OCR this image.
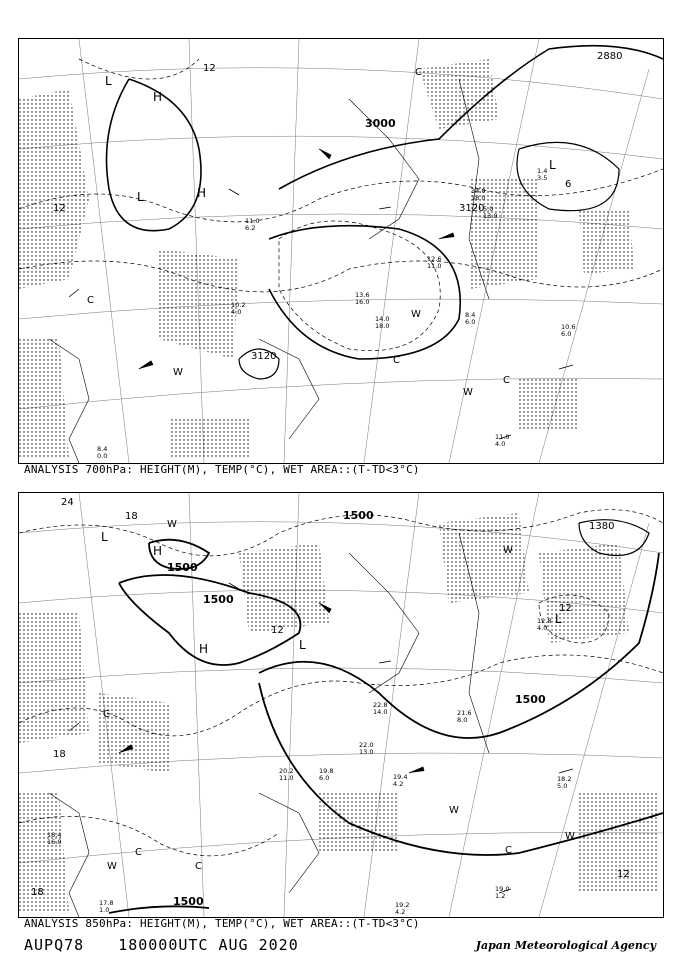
13.6
16.0
14.0
18.0
12.6
11.0
11.0
6.2
10.2
4.0	8.4
6.0
10.6
6.0
11.0
4.0
8.4
0.0
34.0
18.0
1.4
3.5
5.0
13.0
3000
3120
3120
2880
12
12
6
H
H
L
L
L
C
C
C
C
W
W
W
ANALYSIS 700hPa: HEIGHT(M), TEMP(°C), WET AREA::(T-TD<3°C)
22.8
14.0
22.0
13.0
19.8
6.0	19.4
4.2
18.2
5.0
19.0
1.2
17.8
1.0
19.2
4.2
21.6
8.0
12.8
4.0
20.2
11.0
18.4
16.0
1500
1500
1500
1500
1380
1500
24
18
12
12
18
18
12
H
H
L
L
L
C
C
C	C
W
W
W
W
W
ANALYSIS 850hPa: HEIGHT(M), TEMP(°C), WET AREA::(T-TD<3°C)
AUPQ78 180000UTC AUG 2020	Japan Meteorological Agency
